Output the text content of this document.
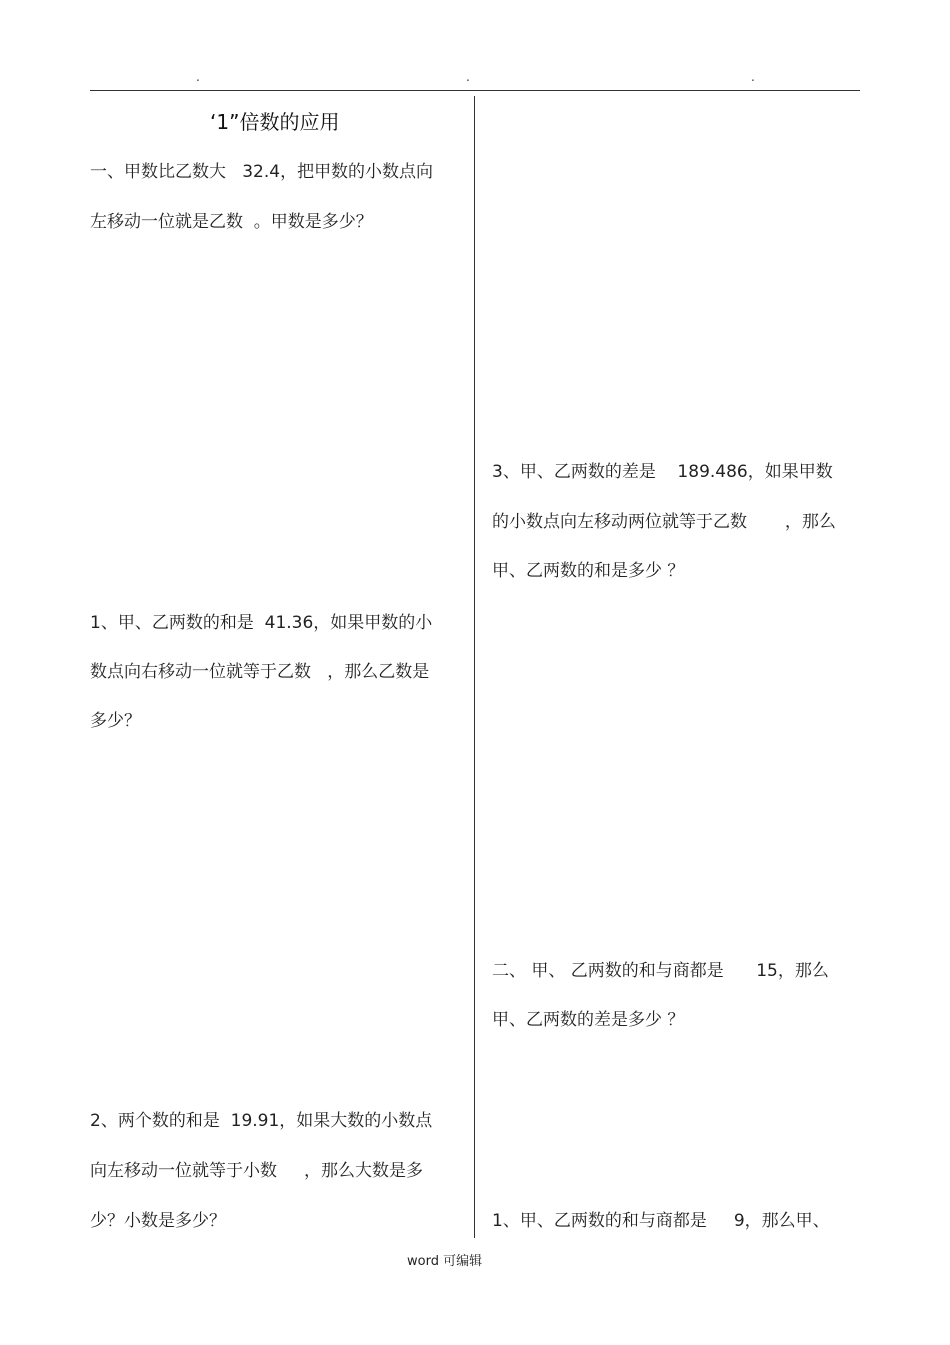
.	.	.
‘1”倍数的应用
一、甲数比乙数大   32.4，把甲数的小数点向
左移动一位就是乙数  。甲数是多少？
1、甲、乙两数的和是  41.36，如果甲数的小
数点向右移动一位就等于乙数   ，那么乙数是
多少？
2、两个数的和是  19.91，如果大数的小数点
向左移动一位就等于小数     ，那么大数是多
少？小数是多少？
3、甲、乙两数的差是    189.486，如果甲数
的小数点向左移动两位就等于乙数       ，那么
甲、乙两数的和是多少 ？
二、 甲、 乙两数的和与商都是      15，那么
甲、乙两数的差是多少 ？
1、甲、乙两数的和与商都是     9，那么甲、
word 可编辑
